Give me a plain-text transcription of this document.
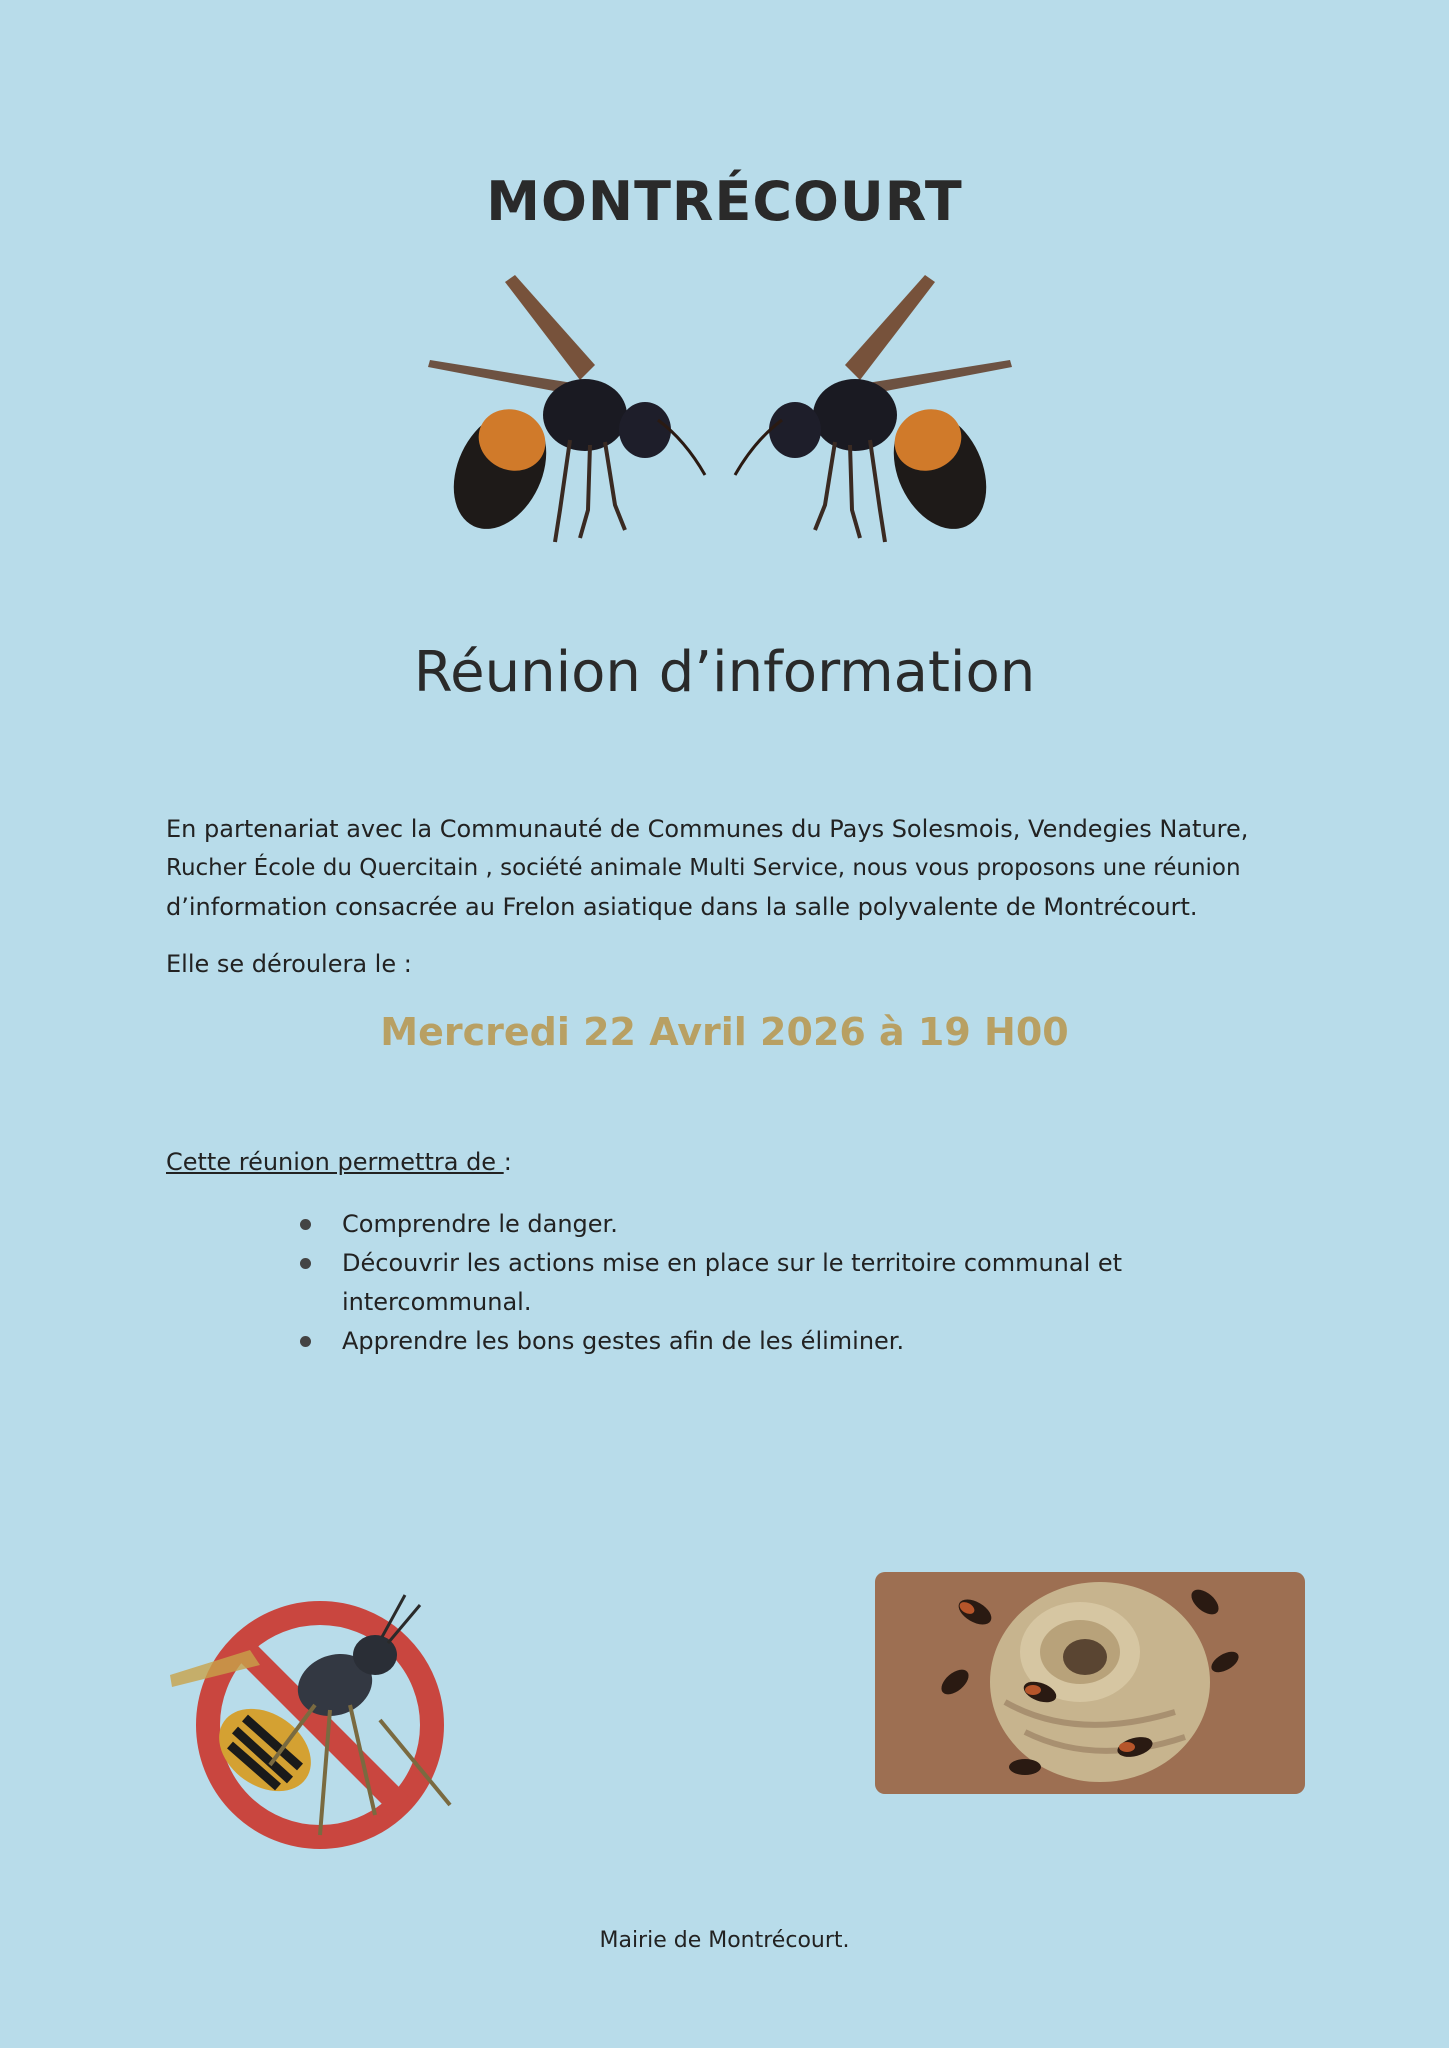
MONTRÉCOURT
Réunion d’information
En partenariat avec la Communauté de Communes du Pays Solesmois, Vendegies Nature,
Rucher École du Quercitain , société animale Multi Service, nous vous proposons une réunion
d’information consacrée au Frelon asiatique dans la salle polyvalente de Montrécourt.
Elle se déroulera le :
Mercredi 22 Avril 2026 à 19 H00
Cette réunion permettra de :
Comprendre le danger.
Découvrir les actions mise en place sur le territoire communal et
intercommunal.
Apprendre les bons gestes afin de les éliminer.
Mairie de Montrécourt.
